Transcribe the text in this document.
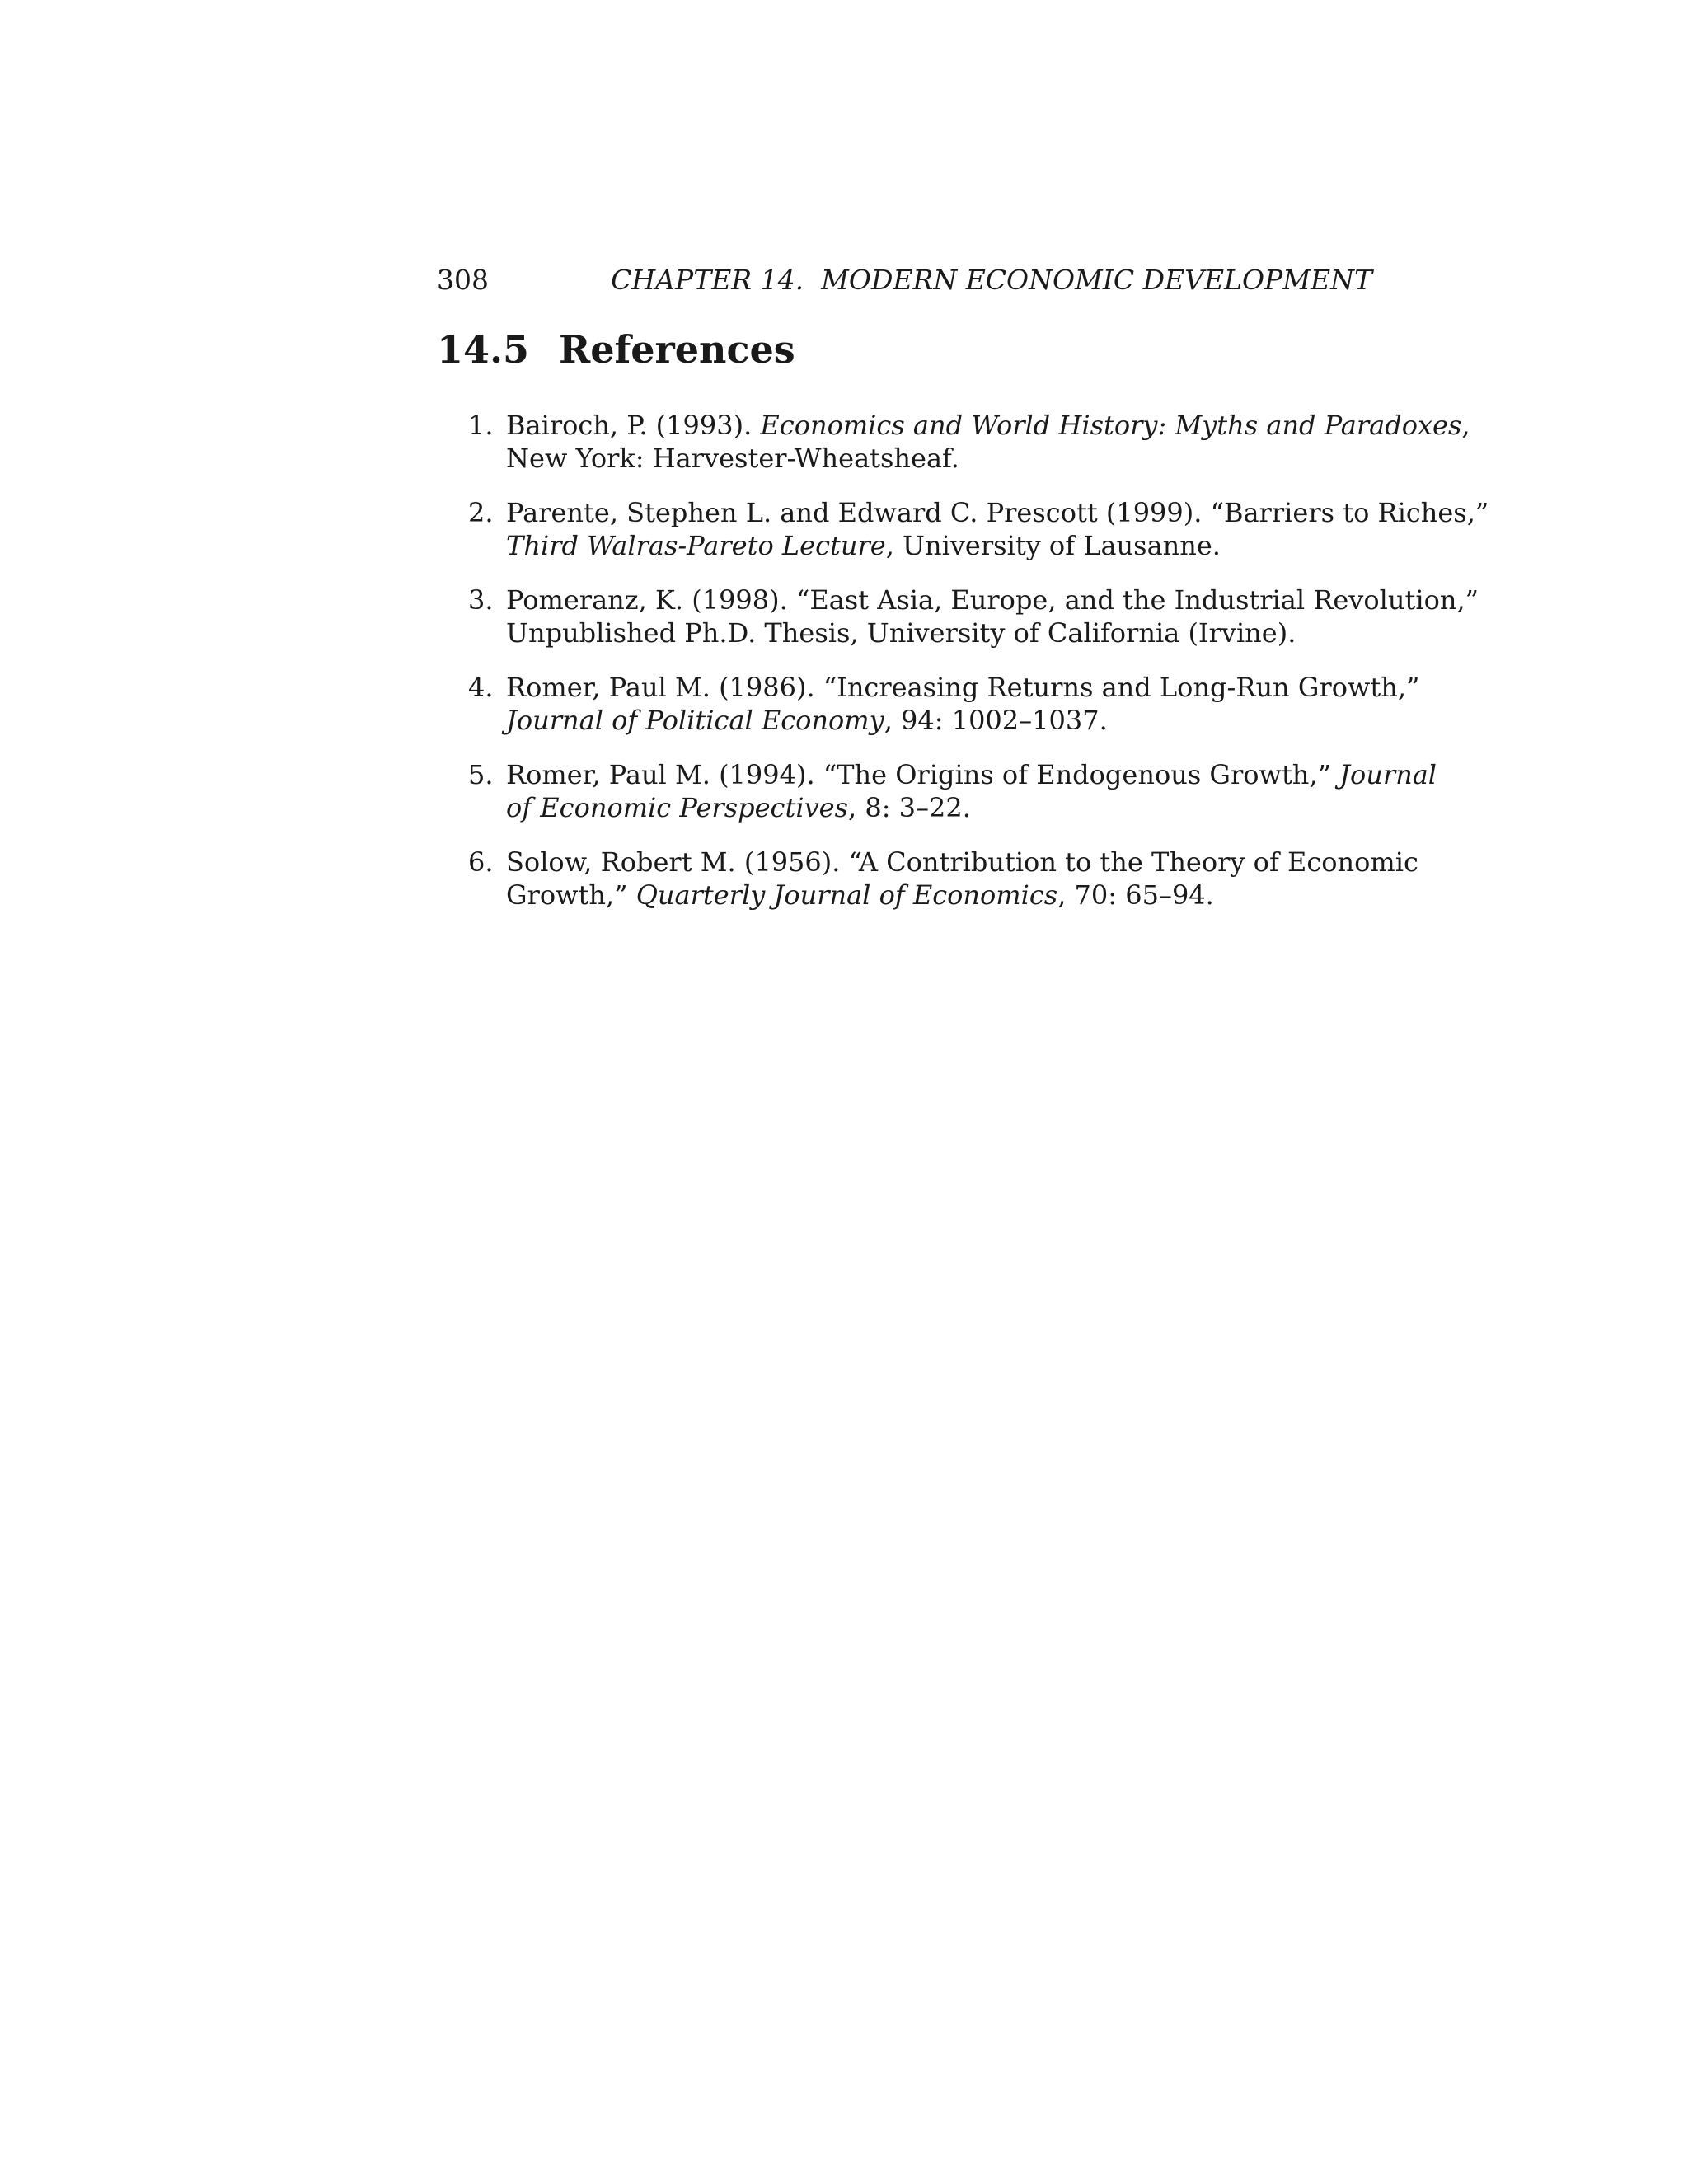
308	CHAPTER 14.  MODERN ECONOMIC DEVELOPMENT
14.5 References
1. Bairoch, P. (1993). Economics and World History: Myths and Paradoxes,
New York: Harvester-Wheatsheaf.
2. Parente, Stephen L. and Edward C. Prescott (1999). “Barriers to Riches,”
Third Walras-Pareto Lecture, University of Lausanne.
3. Pomeranz, K. (1998). “East Asia, Europe, and the Industrial Revolution,”
Unpublished Ph.D. Thesis, University of California (Irvine).
4. Romer, Paul M. (1986). “Increasing Returns and Long-Run Growth,”
Journal of Political Economy, 94: 1002–1037.
5. Romer, Paul M. (1994). “The Origins of Endogenous Growth,” Journal
of Economic Perspectives, 8: 3–22.
6. Solow, Robert M. (1956). “A Contribution to the Theory of Economic
Growth,” Quarterly Journal of Economics, 70: 65–94.
